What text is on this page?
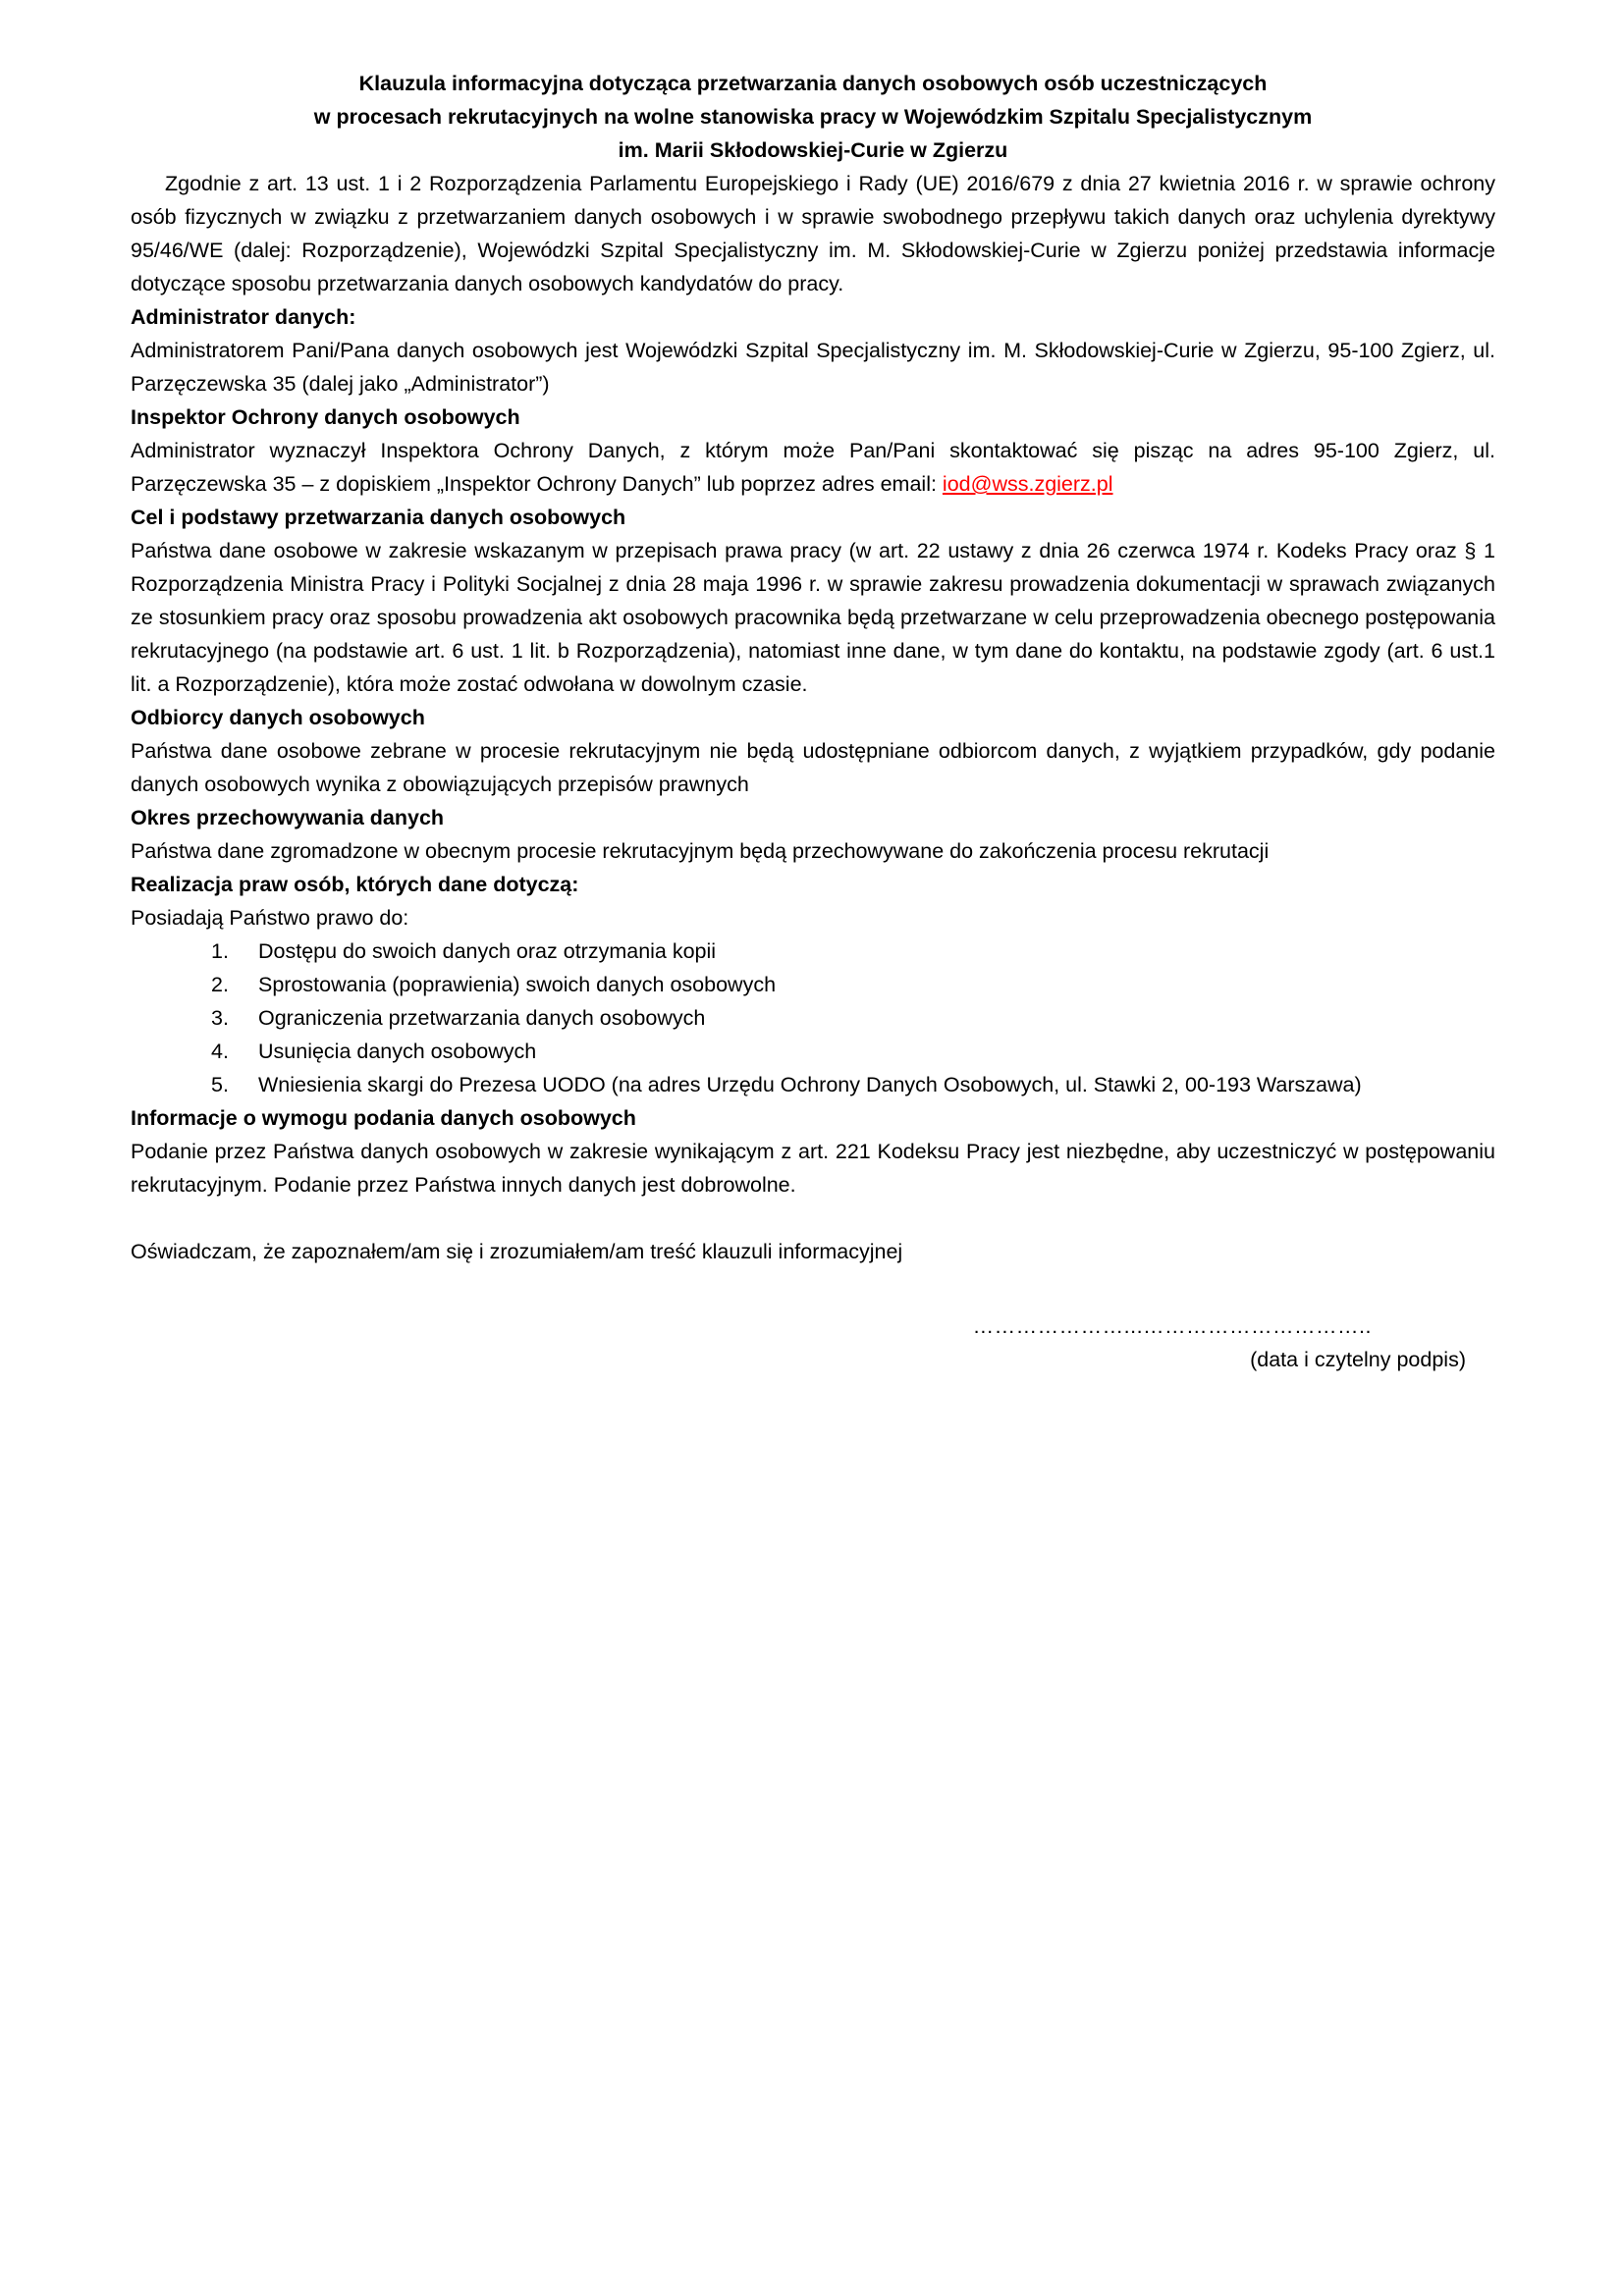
Klauzula informacyjna dotycząca przetwarzania danych osobowych osób uczestniczących

w procesach rekrutacyjnych na wolne stanowiska pracy w Wojewódzkim Szpitalu Specjalistycznym

im. Marii Skłodowskiej-Curie w Zgierzu

Zgodnie z art. 13 ust. 1 i 2 Rozporządzenia Parlamentu Europejskiego i Rady (UE) 2016/679 z dnia 27 kwietnia 2016 r. w sprawie ochrony osób fizycznych w związku z przetwarzaniem danych osobowych i w sprawie swobodnego przepływu takich danych oraz uchylenia dyrektywy 95/46/WE (dalej: Rozporządzenie), Wojewódzki Szpital Specjalistyczny im. M. Skłodowskiej-Curie w Zgierzu poniżej przedstawia informacje dotyczące sposobu przetwarzania danych osobowych kandydatów do pracy.

Administrator danych:

Administratorem Pani/Pana danych osobowych jest Wojewódzki Szpital Specjalistyczny im. M. Skłodowskiej-Curie w Zgierzu, 95-100 Zgierz, ul. Parzęczewska 35 (dalej jako „Administrator”)

Inspektor Ochrony danych osobowych

Administrator wyznaczył Inspektora Ochrony Danych, z którym może Pan/Pani skontaktować się pisząc na adres 95-100 Zgierz, ul. Parzęczewska 35 – z dopiskiem „Inspektor Ochrony Danych” lub poprzez adres email: iod@wss.zgierz.pl

Cel i podstawy przetwarzania danych osobowych

Państwa dane osobowe w zakresie wskazanym w przepisach prawa pracy (w art. 22 ustawy z dnia 26 czerwca 1974 r. Kodeks Pracy oraz § 1 Rozporządzenia Ministra Pracy i Polityki Socjalnej z dnia 28 maja 1996 r. w sprawie zakresu prowadzenia dokumentacji w sprawach związanych ze stosunkiem pracy oraz sposobu prowadzenia akt osobowych pracownika będą przetwarzane w celu przeprowadzenia obecnego postępowania rekrutacyjnego (na podstawie art. 6 ust. 1 lit. b Rozporządzenia), natomiast inne dane, w tym dane do kontaktu, na podstawie zgody (art. 6 ust.1 lit. a Rozporządzenie), która może zostać odwołana w dowolnym czasie.

Odbiorcy danych osobowych

Państwa dane osobowe zebrane w procesie rekrutacyjnym nie będą udostępniane odbiorcom danych, z wyjątkiem przypadków, gdy podanie danych osobowych wynika z obowiązujących przepisów prawnych

Okres przechowywania danych

Państwa dane zgromadzone w obecnym procesie rekrutacyjnym będą przechowywane do zakończenia procesu rekrutacji

Realizacja praw osób, których dane dotyczą:

Posiadają Państwo prawo do:

1.	Dostępu do swoich danych oraz otrzymania kopii
2.	Sprostowania (poprawienia) swoich danych osobowych
3.	Ograniczenia przetwarzania danych osobowych
4.	Usunięcia danych osobowych
5.	Wniesienia skargi do Prezesa UODO (na adres Urzędu Ochrony Danych Osobowych, ul. Stawki 2, 00-193 Warszawa)

Informacje o wymogu podania danych osobowych

Podanie przez Państwa danych osobowych w zakresie wynikającym z art. 221 Kodeksu Pracy jest niezbędne, aby uczestniczyć w postępowaniu rekrutacyjnym. Podanie przez Państwa innych danych jest dobrowolne.

Oświadczam, że zapoznałem/am się i zrozumiałem/am treść klauzuli informacyjnej

…………………...…………………………..

(data i czytelny podpis)
